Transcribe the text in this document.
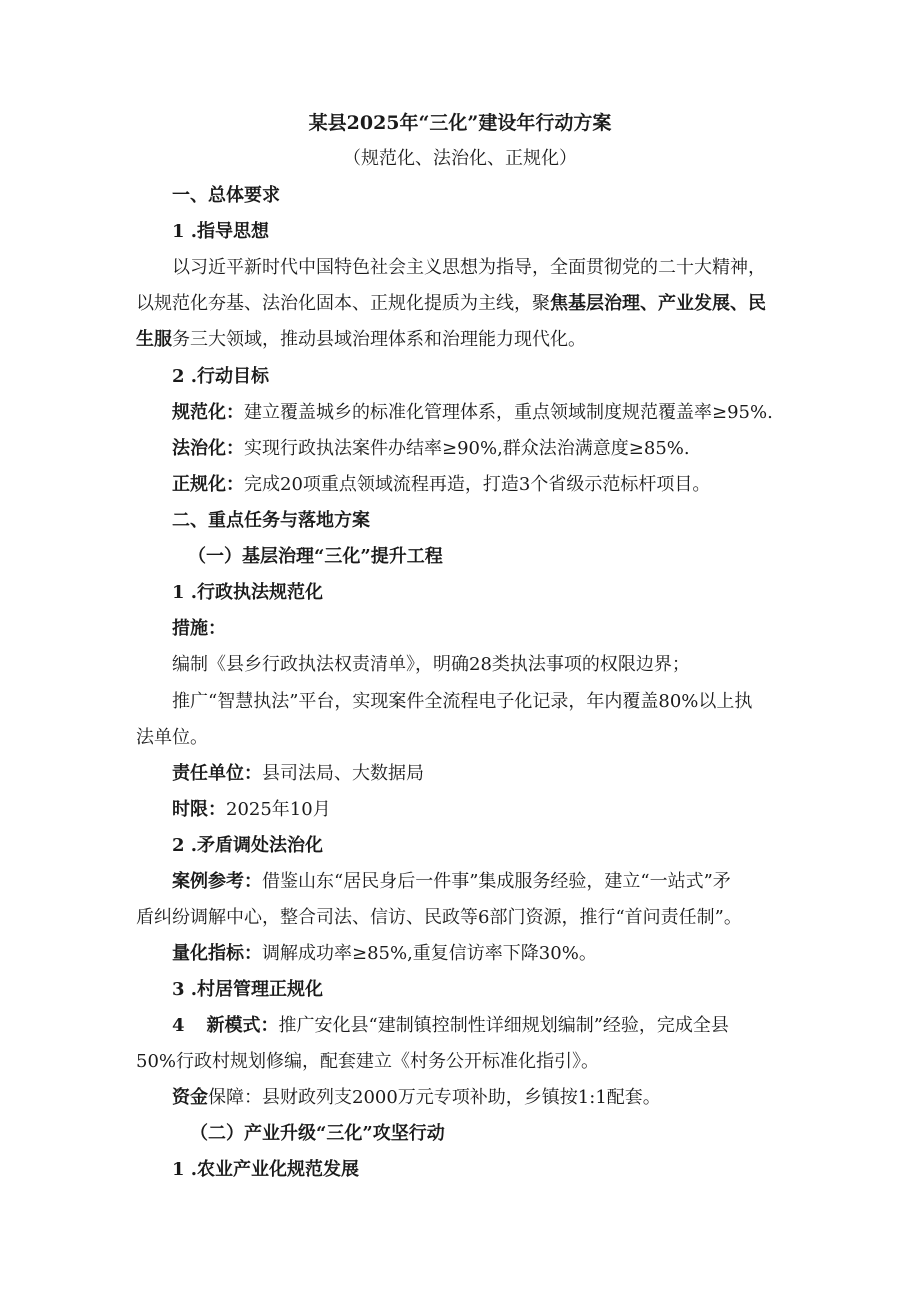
某县2025年“三化”建设年行动方案
（规范化、法治化、正规化）
一、总体要求
1 .指导思想
以习近平新时代中国特色社会主义思想为指导，全面贯彻党的二十大精神，
以规范化夯基、法治化固本、正规化提质为主线，聚焦基层治理、产业发展、民
生服务三大领域，推动县域治理体系和治理能力现代化。
2 .行动目标
规范化：建立覆盖城乡的标准化管理体系，重点领域制度规范覆盖率≥95%.
法治化：实现行政执法案件办结率≥90%,群众法治满意度≥85%.
正规化：完成20项重点领域流程再造，打造3个省级示范标杆项目。
二、重点任务与落地方案
（一）基层治理“三化”提升工程
1 .行政执法规范化
措施：
编制《县乡行政执法权责清单》，明确28类执法事项的权限边界；
推广“智慧执法”平台，实现案件全流程电子化记录，年内覆盖80%以上执
法单位。
责任单位：县司法局、大数据局
时限：2025年10月
2 .矛盾调处法治化
案例参考：借鉴山东“居民身后一件事”集成服务经验，建立“一站式”矛
盾纠纷调解中心，整合司法、信访、民政等6部门资源，推行“首问责任制”。
量化指标：调解成功率≥85%,重复信访率下降30%。
3 .村居管理正规化
4 新模式：推广安化县“建制镇控制性详细规划编制”经验，完成全县
50%行政村规划修编，配套建立《村务公开标准化指引》。
资金保障：县财政列支2000万元专项补助，乡镇按1:1配套。
（二）产业升级“三化”攻坚行动
1 .农业产业化规范发展
